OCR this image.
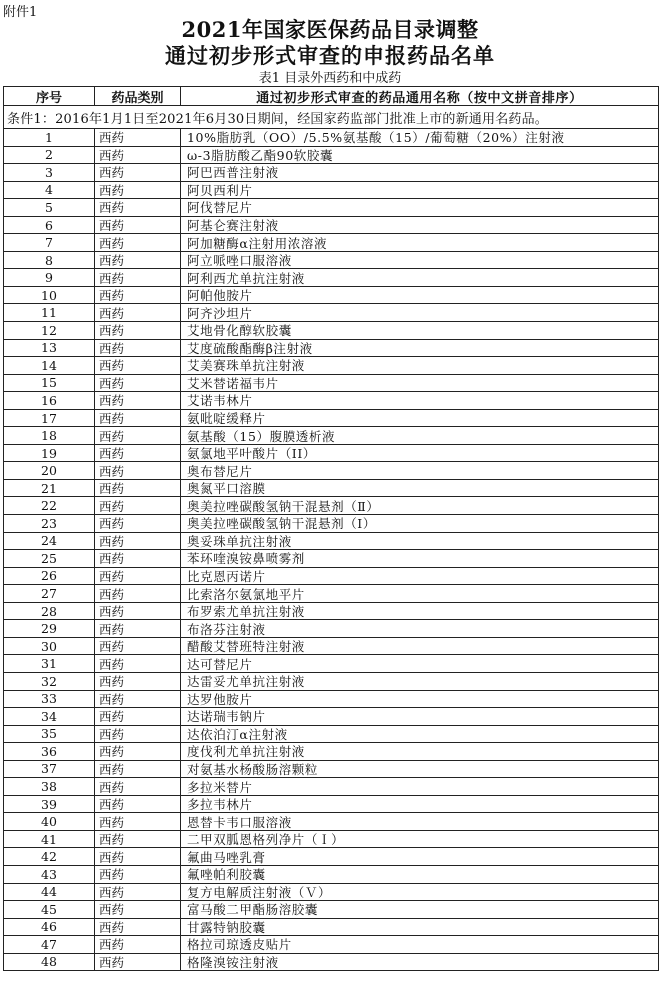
附件1
2021年国家医保药品目录调整
通过初步形式审查的申报药品名单
表1 目录外西药和中成药
序号	药品类别	通过初步形式审查的药品通用名称（按中文拼音排序）
条件1：2016年1月1日至2021年6月30日期间，经国家药监部门批准上市的新通用名药品。
1	西药	10%脂肪乳（OO）/5.5%氨基酸（15）/葡萄糖（20%）注射液
2	西药	ω-3脂肪酸乙酯90软胶囊
3	西药	阿巴西普注射液
4	西药	阿贝西利片
5	西药	阿伐替尼片
6	西药	阿基仑赛注射液
7	西药	阿加糖酶α注射用浓溶液
8	西药	阿立哌唑口服溶液
9	西药	阿利西尤单抗注射液
10	西药	阿帕他胺片
11	西药	阿齐沙坦片
12	西药	艾地骨化醇软胶囊
13	西药	艾度硫酸酯酶β注射液
14	西药	艾美赛珠单抗注射液
15	西药	艾米替诺福韦片
16	西药	艾诺韦林片
17	西药	氨吡啶缓释片
18	西药	氨基酸（15）腹膜透析液
19	西药	氨氯地平叶酸片（II）
20	西药	奥布替尼片
21	西药	奥氮平口溶膜
22	西药	奥美拉唑碳酸氢钠干混悬剂（Ⅱ）
23	西药	奥美拉唑碳酸氢钠干混悬剂（I）
24	西药	奥妥珠单抗注射液
25	西药	苯环喹溴铵鼻喷雾剂
26	西药	比克恩丙诺片
27	西药	比索洛尔氨氯地平片
28	西药	布罗索尤单抗注射液
29	西药	布洛芬注射液
30	西药	醋酸艾替班特注射液
31	西药	达可替尼片
32	西药	达雷妥尤单抗注射液
33	西药	达罗他胺片
34	西药	达诺瑞韦钠片
35	西药	达依泊汀α注射液
36	西药	度伐利尤单抗注射液
37	西药	对氨基水杨酸肠溶颗粒
38	西药	多拉米替片
39	西药	多拉韦林片
40	西药	恩替卡韦口服溶液
41	西药	二甲双胍恩格列净片（Ｉ）
42	西药	氟曲马唑乳膏
43	西药	氟唑帕利胶囊
44	西药	复方电解质注射液（Ｖ）
45	西药	富马酸二甲酯肠溶胶囊
46	西药	甘露特钠胶囊
47	西药	格拉司琼透皮贴片
48	西药	格隆溴铵注射液
